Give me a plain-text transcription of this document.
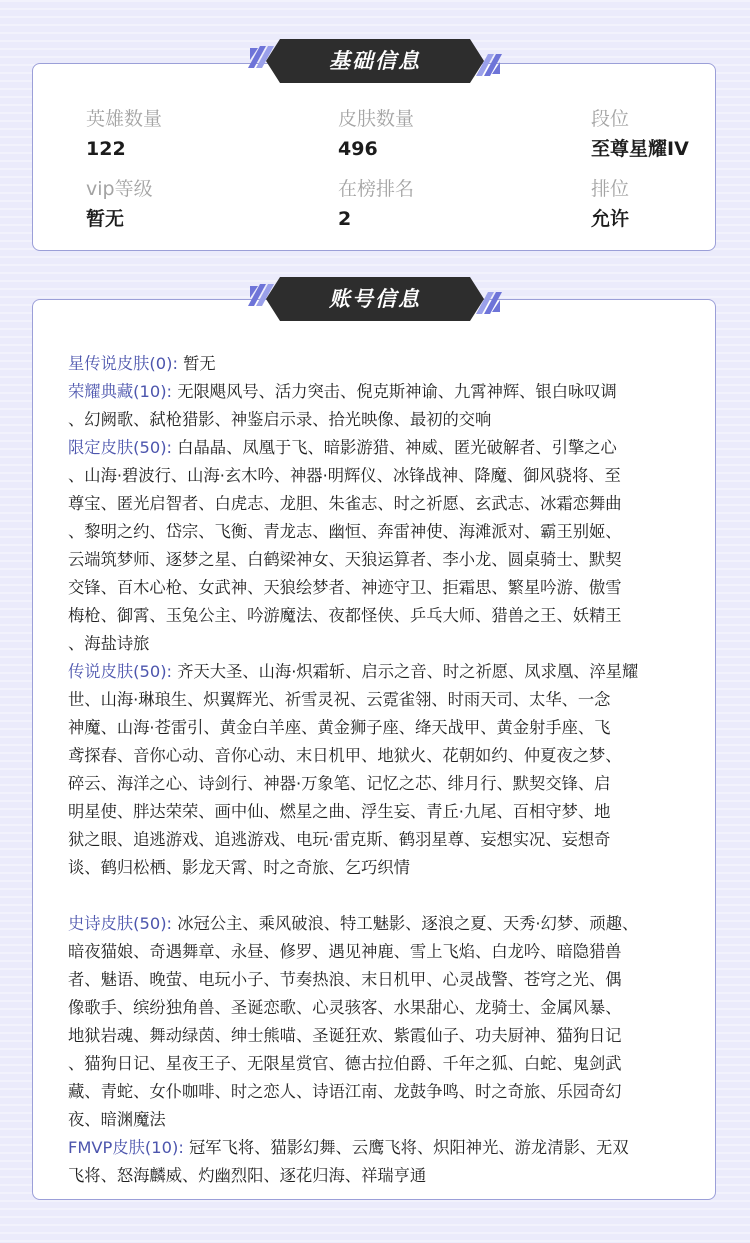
英雄数量
122
皮肤数量
496
段位
至尊星耀IV
vip等级
暂无
在榜排名
2
排位
允许
基础信息
账号信息
星传说皮肤(0): 暂无
荣耀典藏(10): 无限飓风号、活力突击、倪克斯神谕、九霄神辉、银白咏叹调
、幻阙歌、弑枪猎影、神鉴启示录、拾光映像、最初的交响
限定皮肤(50): 白晶晶、凤凰于飞、暗影游猎、神威、匿光破解者、引擎之心
、山海·碧波行、山海·玄木吟、神器·明辉仪、冰锋战神、降魔、御风骁将、至
尊宝、匿光启智者、白虎志、龙胆、朱雀志、时之祈愿、玄武志、冰霜恋舞曲
、黎明之约、岱宗、飞衡、青龙志、幽恒、奔雷神使、海滩派对、霸王别姬、
云端筑梦师、逐梦之星、白鹤梁神女、天狼运算者、李小龙、圆桌骑士、默契
交锋、百木心枪、女武神、天狼绘梦者、神迹守卫、拒霜思、繁星吟游、傲雪
梅枪、御霄、玉兔公主、吟游魔法、夜都怪侠、乒乓大师、猎兽之王、妖精王
、海盐诗旅
传说皮肤(50): 齐天大圣、山海·炽霜斩、启示之音、时之祈愿、凤求凰、淬星耀
世、山海·琳琅生、炽翼辉光、祈雪灵祝、云霓雀翎、时雨天司、太华、一念
神魔、山海·苍雷引、黄金白羊座、黄金狮子座、绛天战甲、黄金射手座、飞
鸢探春、音你心动、音你心动、末日机甲、地狱火、花朝如约、仲夏夜之梦、
碎云、海洋之心、诗剑行、神器·万象笔、记忆之芯、绯月行、默契交锋、启
明星使、胖达荣荣、画中仙、燃星之曲、浮生妄、青丘·九尾、百相守梦、地
狱之眼、追逃游戏、追逃游戏、电玩·雷克斯、鹤羽星尊、妄想实况、妄想奇
谈、鹤归松栖、影龙天霄、时之奇旅、乞巧织情
史诗皮肤(50): 冰冠公主、乘风破浪、特工魅影、逐浪之夏、天秀·幻梦、顽趣、
暗夜猫娘、奇遇舞章、永昼、修罗、遇见神鹿、雪上飞焰、白龙吟、暗隐猎兽
者、魅语、晚萤、电玩小子、节奏热浪、末日机甲、心灵战警、苍穹之光、偶
像歌手、缤纷独角兽、圣诞恋歌、心灵骇客、水果甜心、龙骑士、金属风暴、
地狱岩魂、舞动绿茵、绅士熊喵、圣诞狂欢、紫霞仙子、功夫厨神、猫狗日记
、猫狗日记、星夜王子、无限星赏官、德古拉伯爵、千年之狐、白蛇、鬼剑武
藏、青蛇、女仆咖啡、时之恋人、诗语江南、龙鼓争鸣、时之奇旅、乐园奇幻
夜、暗渊魔法
FMVP皮肤(10): 冠军飞将、猫影幻舞、云鹰飞将、炽阳神光、游龙清影、无双
飞将、怒海麟威、灼幽烈阳、逐花归海、祥瑞亨通
